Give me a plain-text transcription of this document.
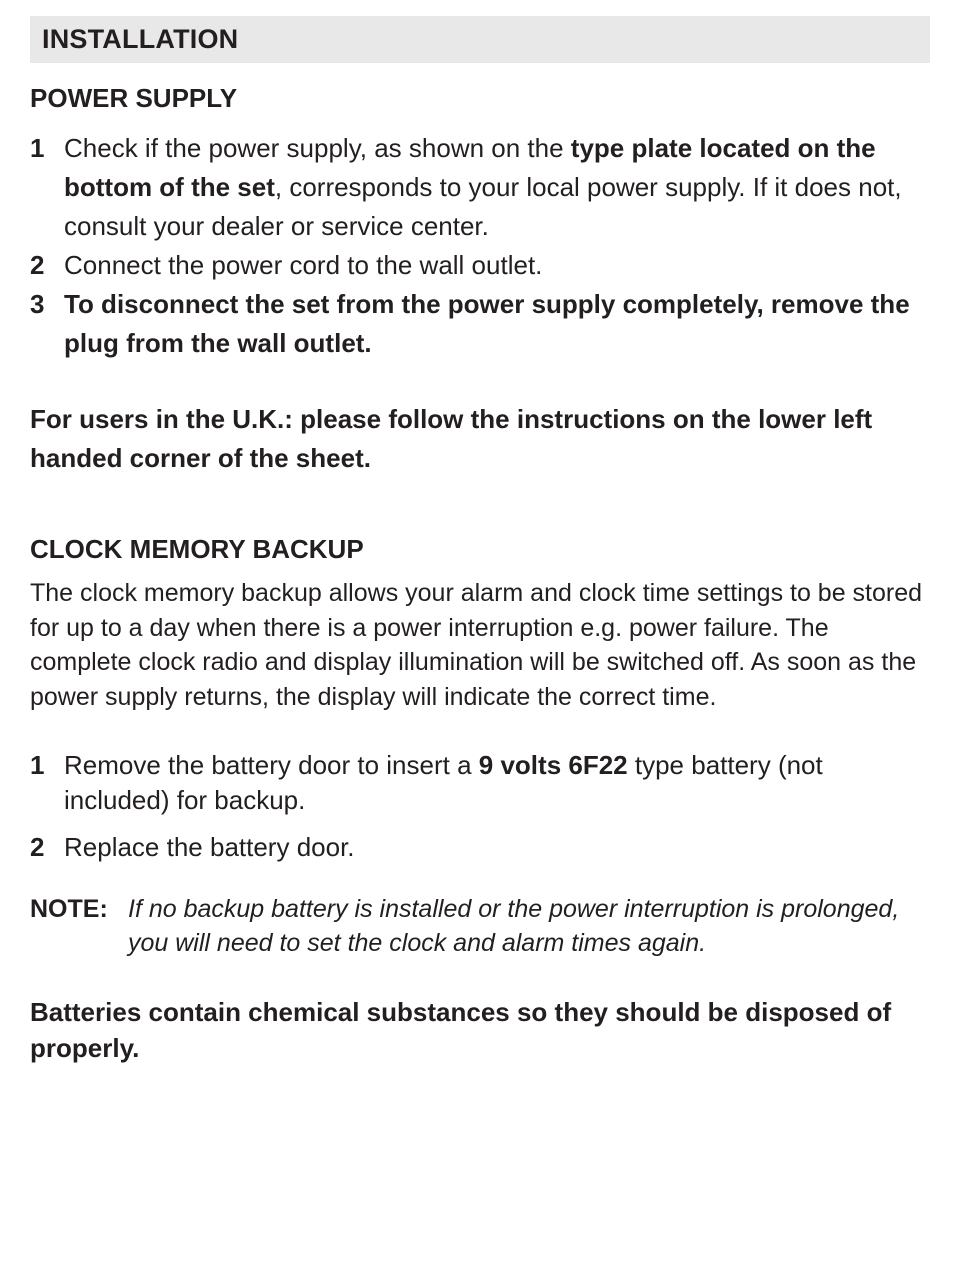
INSTALLATION
POWER SUPPLY
1 Check if the power supply, as shown on the type plate located on the bottom of the set, corresponds to your local power supply. If it does not, consult your dealer or service center.
2 Connect the power cord to the wall outlet.
3 To disconnect the set from the power supply completely, remove the plug from the wall outlet.

For users in the U.K.: please follow the instructions on the lower left handed corner of the sheet.

CLOCK MEMORY BACKUP

The clock memory backup allows your alarm and clock time settings to be stored for up to a day when there is a power interruption e.g. power failure. The complete clock radio and display illumination will be switched off. As soon as the power supply returns, the display will indicate the correct time.

1 Remove the battery door to insert a 9 volts 6F22 type battery (not included) for backup.
2 Replace the battery door.
NOTE: If no backup battery is installed or the power interruption is prolonged, you will need to set the clock and alarm times again.

Batteries contain chemical substances so they should be disposed of properly.
